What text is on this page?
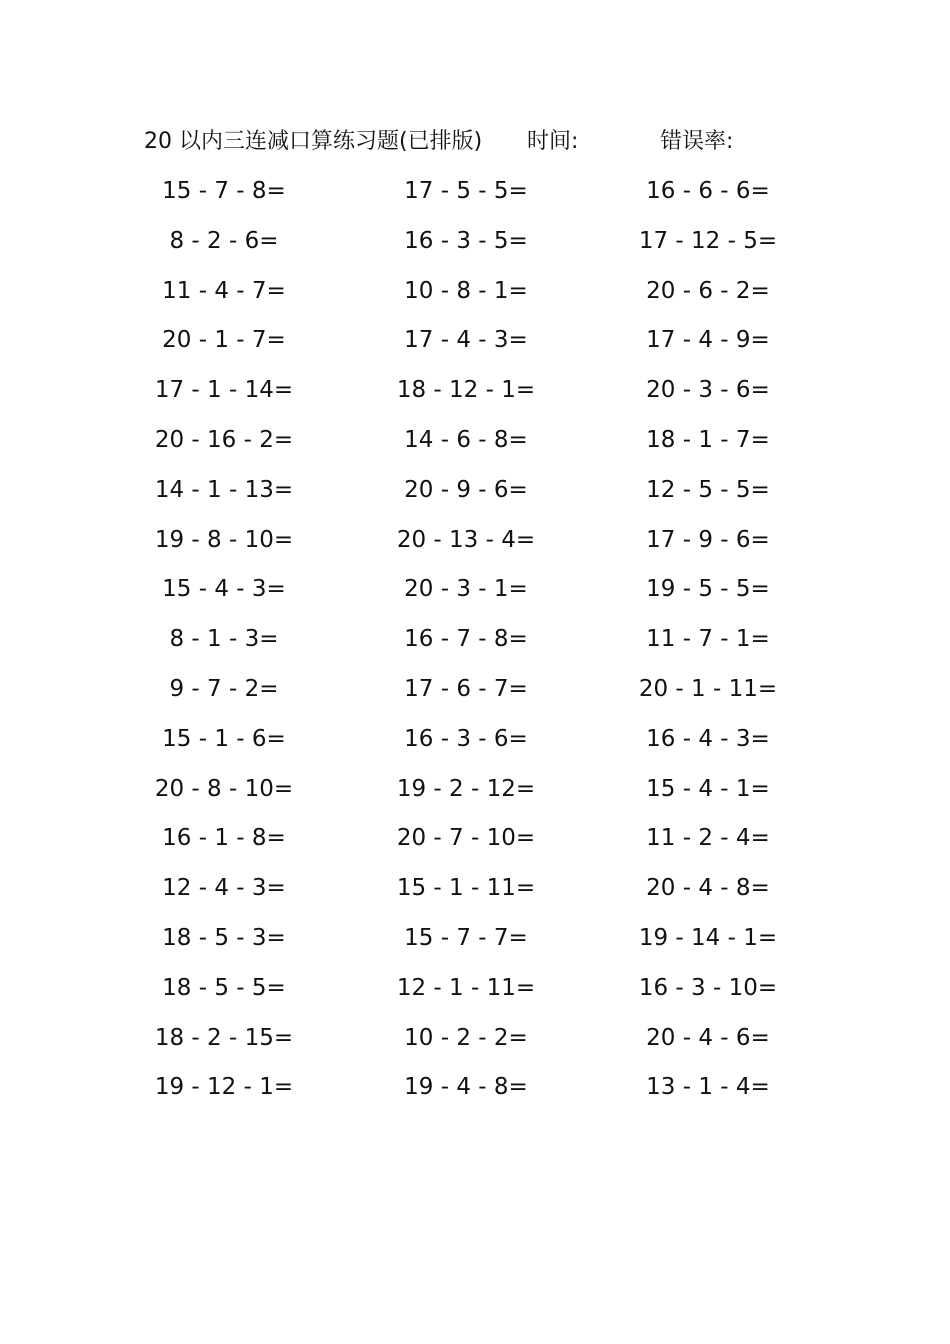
20 以内三连减口算练习题(已排版) 时间:	错误率:
15 - 7 - 8=	17 - 5 - 5=	16 - 6 - 6=
8 - 2 - 6=	16 - 3 - 5=	17 - 12 - 5=
11 - 4 - 7=	10 - 8 - 1=	20 - 6 - 2=
20 - 1 - 7=	17 - 4 - 3=	17 - 4 - 9=
17 - 1 - 14=	18 - 12 - 1=	20 - 3 - 6=
20 - 16 - 2=	14 - 6 - 8=	18 - 1 - 7=
14 - 1 - 13=	20 - 9 - 6=	12 - 5 - 5=
19 - 8 - 10=	20 - 13 - 4=	17 - 9 - 6=
15 - 4 - 3=	20 - 3 - 1=	19 - 5 - 5=
8 - 1 - 3=	16 - 7 - 8=	11 - 7 - 1=
9 - 7 - 2=	17 - 6 - 7=	20 - 1 - 11=
15 - 1 - 6=	16 - 3 - 6=	16 - 4 - 3=
20 - 8 - 10=	19 - 2 - 12=	15 - 4 - 1=
16 - 1 - 8=	20 - 7 - 10=	11 - 2 - 4=
12 - 4 - 3=	15 - 1 - 11=	20 - 4 - 8=
18 - 5 - 3=	15 - 7 - 7=	19 - 14 - 1=
18 - 5 - 5=	12 - 1 - 11=	16 - 3 - 10=
18 - 2 - 15=	10 - 2 - 2=	20 - 4 - 6=
19 - 12 - 1=	19 - 4 - 8=	13 - 1 - 4=
